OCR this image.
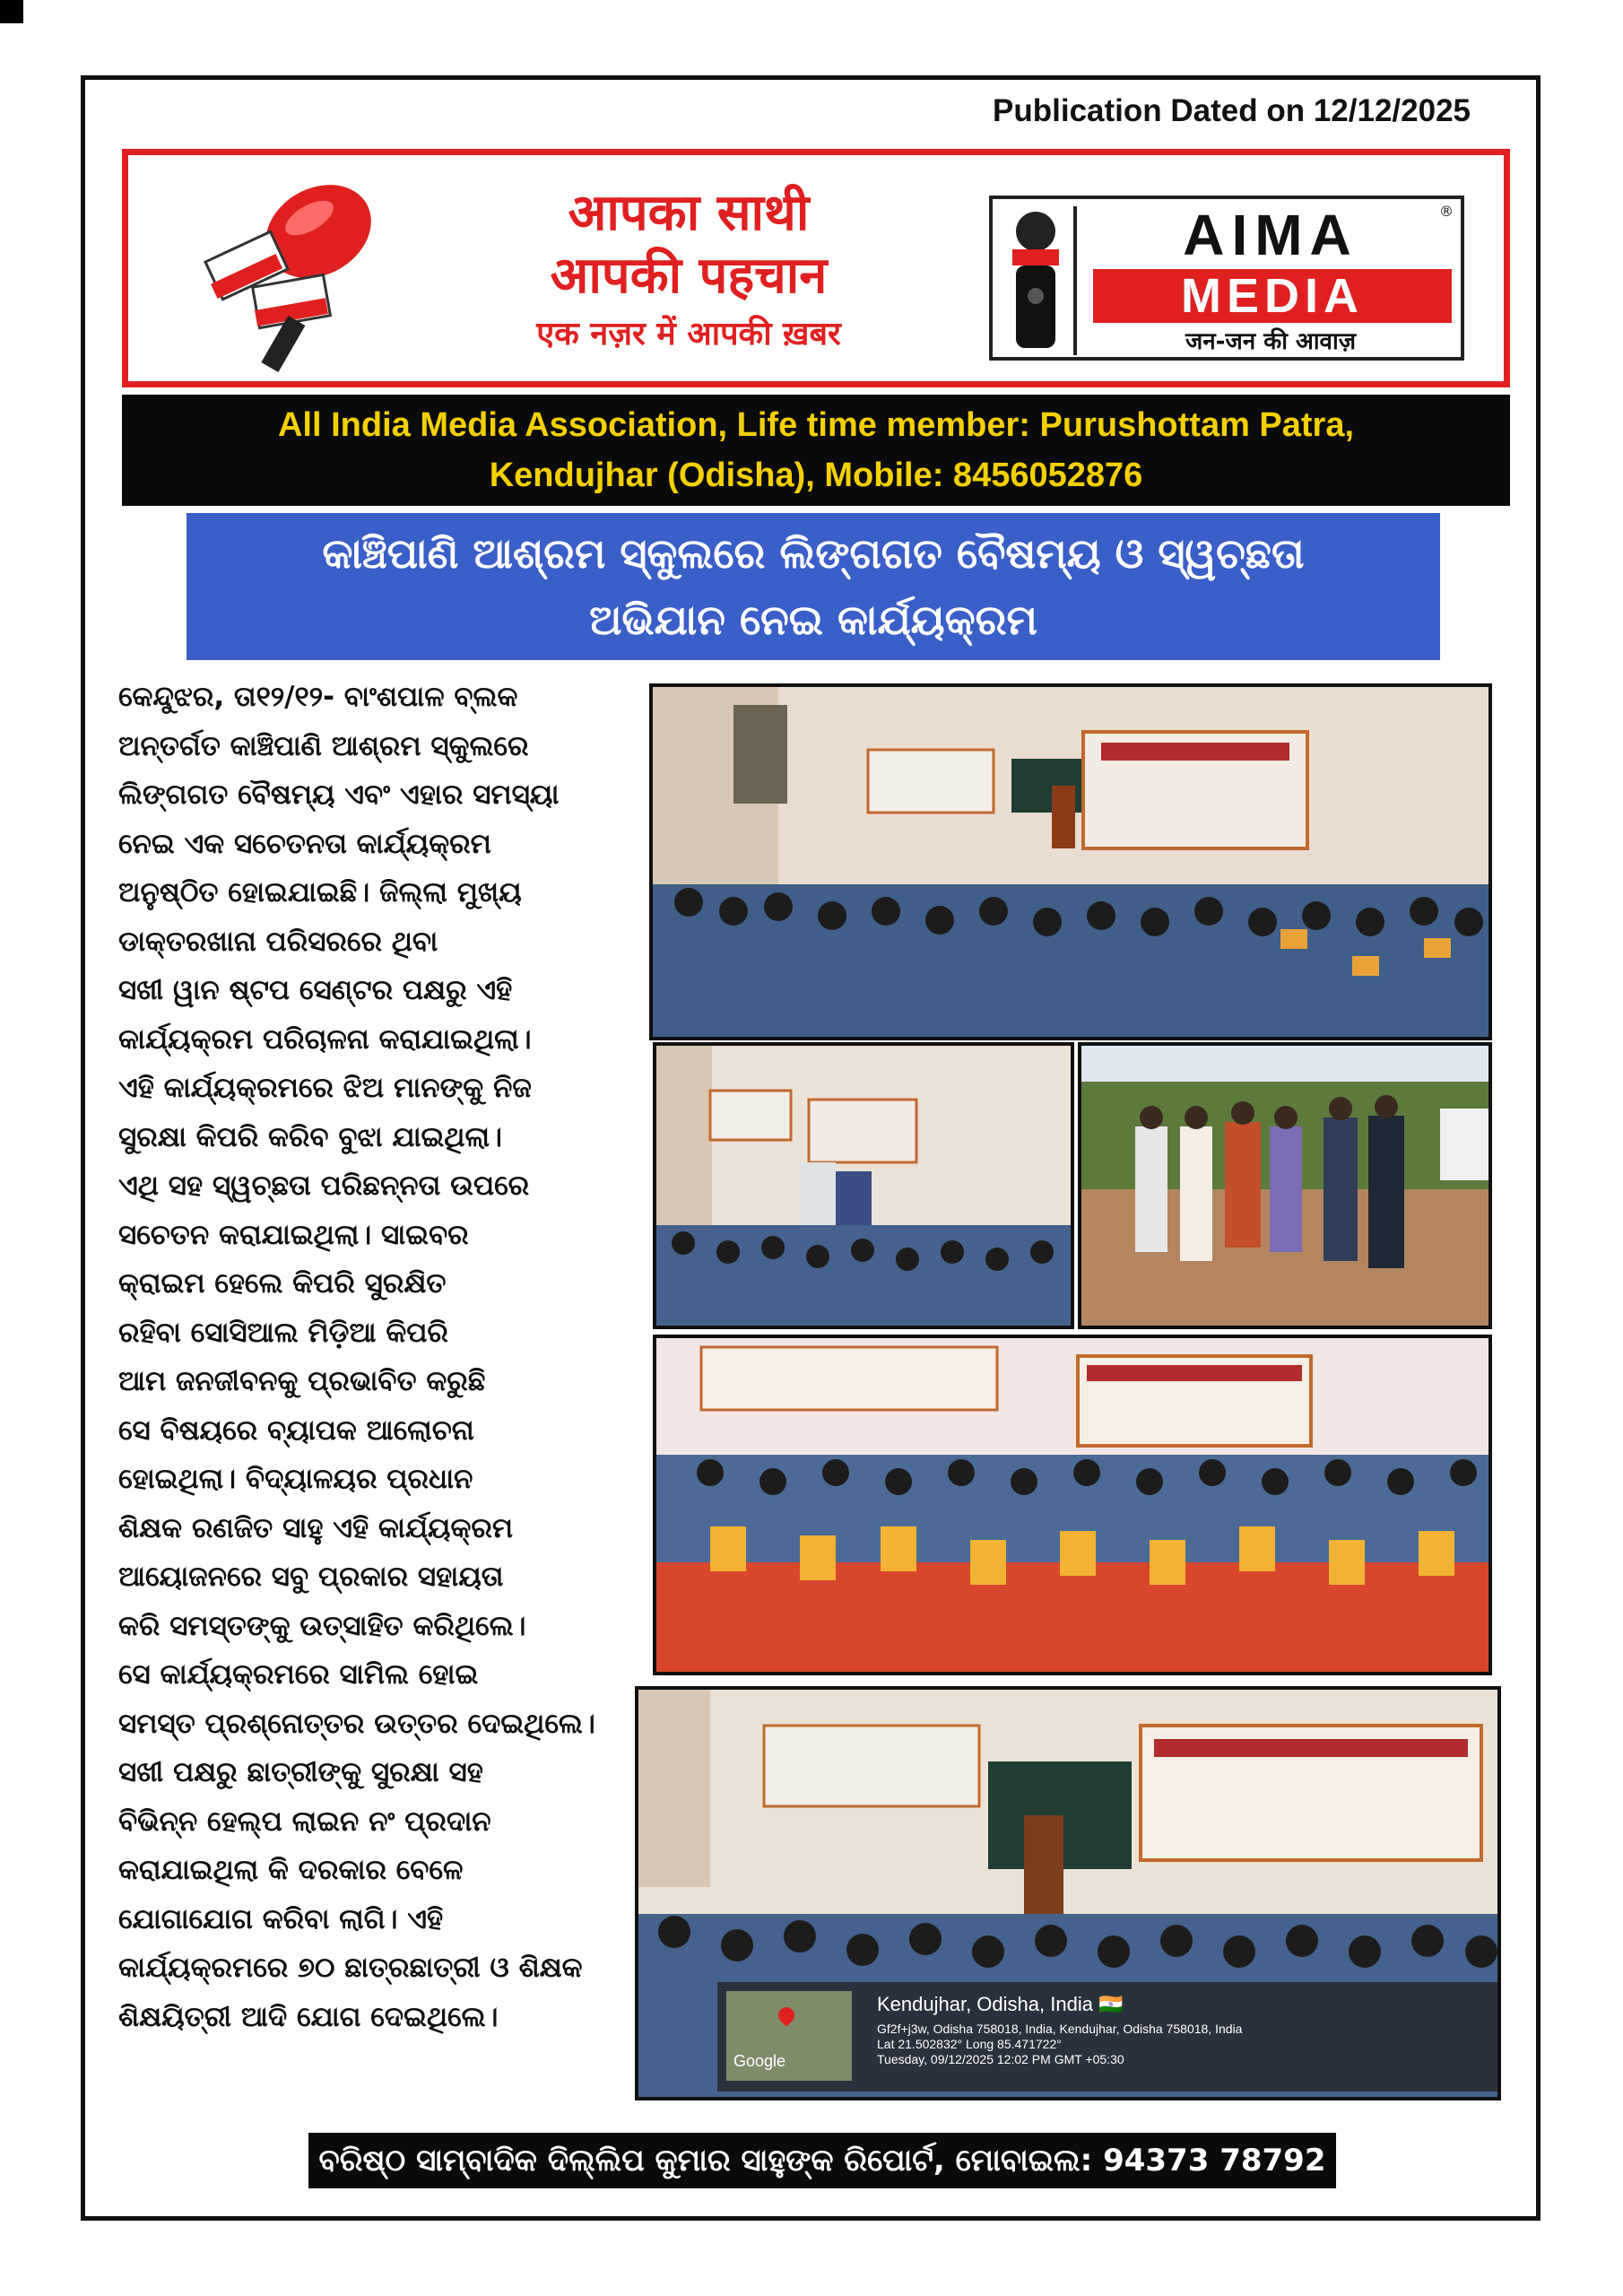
Publication Dated on 12/12/2025
आपका साथी
आपकी पहचान
एक नज़र में आपकी ख़बर
AIMA
MEDIA
जन-जन की आवाज़
®
All India Media Association, Life time member: Purushottam Patra,
Kendujhar (Odisha), Mobile: 8456052876
କାଞ୍ଚିପାଣି ଆଶ୍ରମ ସ୍କୁଲରେ ଲିଙ୍ଗଗତ ବୈଷମ୍ୟ ଓ ସ୍ୱଚ୍ଛତା
ଅଭିଯାନ ନେଇ କାର୍ଯ୍ୟକ୍ରମ
କେନ୍ଦୁଝର, ତା୧୨/୧୨- ବାଂଶପାଳ ବ୍ଲକ
ଅନ୍ତର୍ଗତ କାଞ୍ଚିପାଣି ଆଶ୍ରମ ସ୍କୁଲରେ
ଲିଙ୍ଗଗତ ବୈଷମ୍ୟ ଏବଂ ଏହାର ସମସ୍ୟା
ନେଇ ଏକ ସଚେତନତା କାର୍ଯ୍ୟକ୍ରମ
ଅନୁଷ୍ଠିତ ହୋଇଯାଇଛି। ଜିଲ୍ଲା ମୁଖ୍ୟ
ଡାକ୍ତରଖାନା ପରିସରରେ ଥିବା
ସଖୀ ୱାନ ଷ୍ଟପ ସେଣ୍ଟର ପକ୍ଷରୁ ଏହି
କାର୍ଯ୍ୟକ୍ରମ ପରିଚାଳନା କରାଯାଇଥିଲା।
ଏହି କାର୍ଯ୍ୟକ୍ରମରେ ଝିଅ ମାନଙ୍କୁ ନିଜ
ସୁରକ୍ଷା କିପରି କରିବ ବୁଝା ଯାଇଥିଲା।
ଏଥି ସହ ସ୍ୱଚ୍ଛତା ପରିଛନ୍ନତା ଉପରେ
ସଚେତନ କରାଯାଇଥିଲା। ସାଇବର
କ୍ରାଇମ ହେଲେ କିପରି ସୁରକ୍ଷିତ
ରହିବା ସୋସିଆଲ ମିଡ଼ିଆ କିପରି
ଆମ ଜନଜୀବନକୁ ପ୍ରଭାବିତ କରୁଛି
ସେ ବିଷୟରେ ବ୍ୟାପକ ଆଲୋଚନା
ହୋଇଥିଲା। ବିଦ୍ୟାଳୟର ପ୍ରଧାନ
ଶିକ୍ଷକ ରଣଜିତ ସାହୁ ଏହି କାର୍ଯ୍ୟକ୍ରମ
ଆୟୋଜନରେ ସବୁ ପ୍ରକାର ସହାୟତା
କରି ସମସ୍ତଙ୍କୁ ଉତ୍ସାହିତ କରିଥିଲେ।
ସେ କାର୍ଯ୍ୟକ୍ରମରେ ସାମିଲ ହୋଇ
ସମସ୍ତ ପ୍ରଶ୍ନୋତ୍ତର ଉତ୍ତର ଦେଇଥିଲେ।
ସଖୀ ପକ୍ଷରୁ ଛାତ୍ରୀଙ୍କୁ ସୁରକ୍ଷା ସହ
ବିଭିନ୍ନ ହେଲ୍ପ ଲାଇନ ନଂ ପ୍ରଦାନ
କରାଯାଇଥିଲା କି ଦରକାର ବେଳେ
ଯୋଗାଯୋଗ କରିବା ଲାଗି। ଏହି
କାର୍ଯ୍ୟକ୍ରମରେ ୭୦ ଛାତ୍ରଛାତ୍ରୀ ଓ ଶିକ୍ଷକ
ଶିକ୍ଷୟିତ୍ରୀ ଆଦି ଯୋଗ ଦେଇଥିଲେ।
Google
Kendujhar, Odisha, India 🇮🇳
Gf2f+j3w, Odisha 758018, India, Kendujhar, Odisha 758018, India
Lat 21.502832° Long 85.471722°
Tuesday, 09/12/2025 12:02 PM GMT +05:30
ବରିଷ୍ଠ ସାମ୍ବାଦିକ ଦିଲ୍ଲିପ କୁମାର ସାହୁଙ୍କ ରିପୋର୍ଟ, ମୋବାଇଲ: 94373 78792
